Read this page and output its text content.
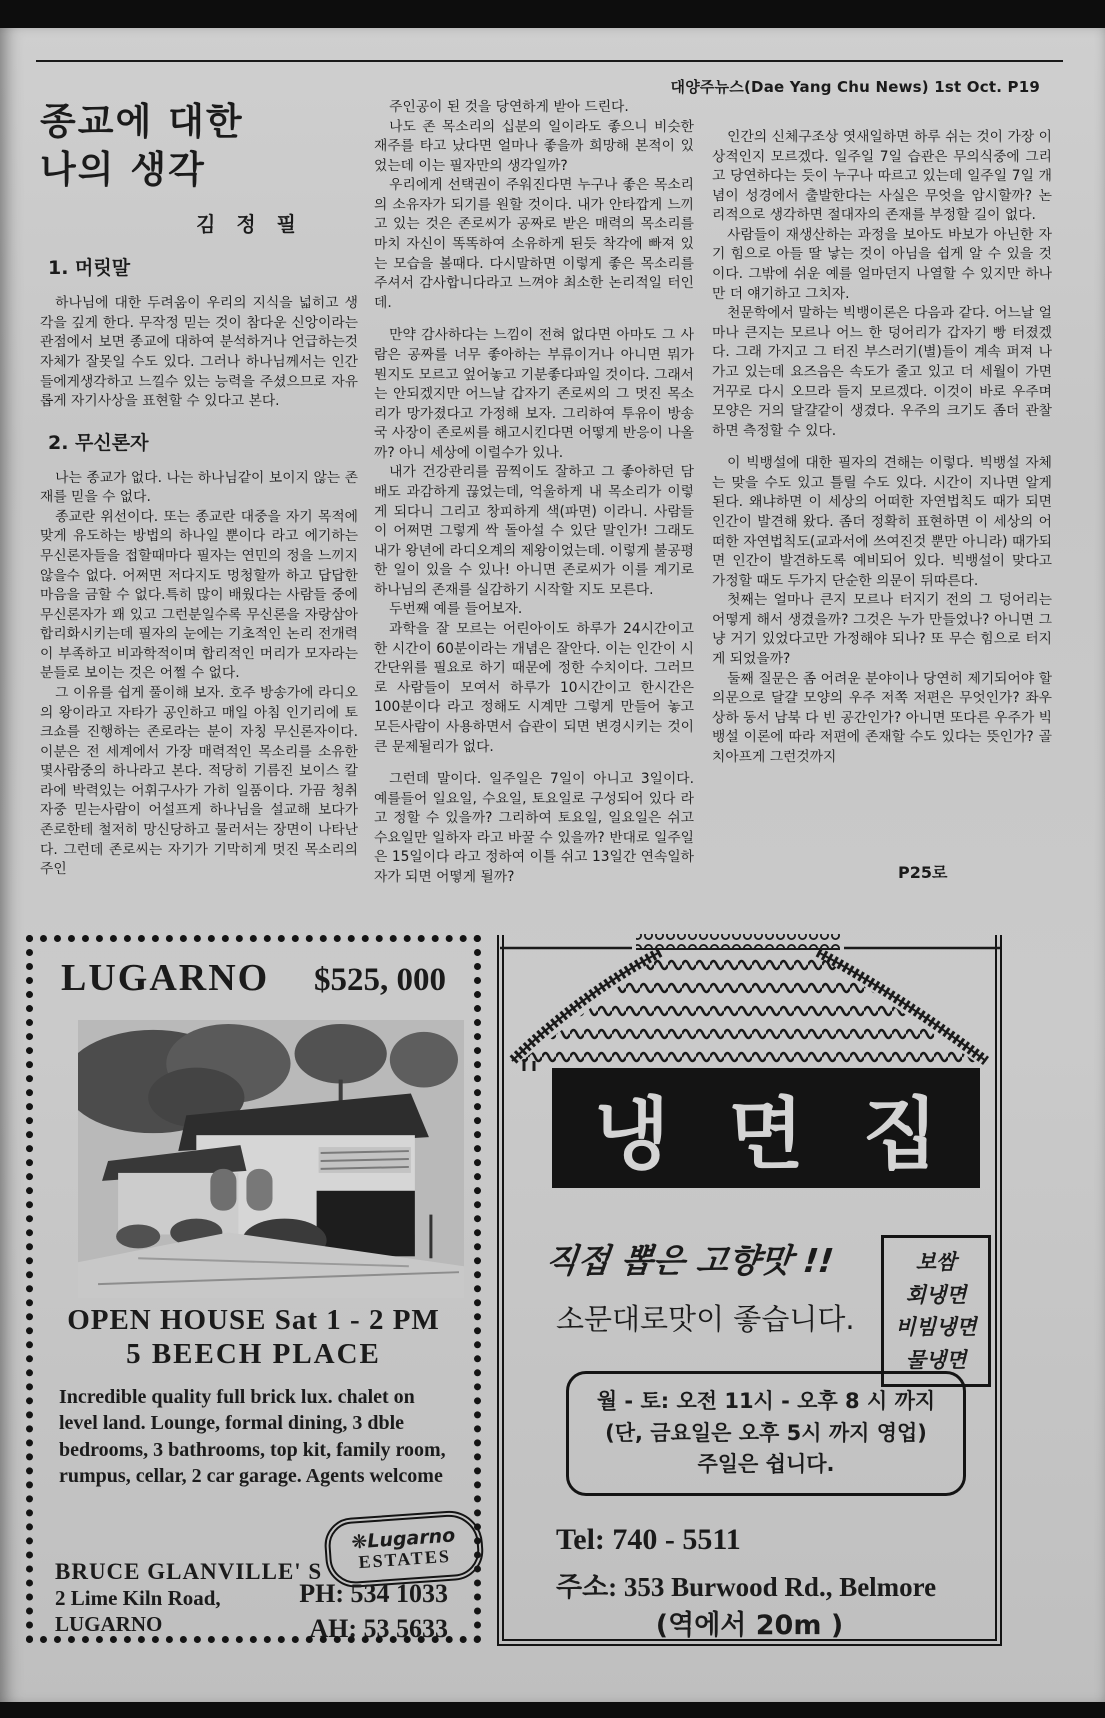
대양주뉴스(Dae Yang Chu News) 1st Oct. P19
종교에 대한
나의 생각
김 정 필
1. 머릿말

하나님에 대한 두려움이 우리의 지식을 넓히고 생각을 깊게 한다. 무작정 믿는 것이 참다운 신앙이라는 관점에서 보면 종교에 대하여 분석하거나 언급하는것 자체가 잘못일 수도 있다. 그러나 하나님께서는 인간들에게생각하고 느낄수 있는 능력을 주셨으므로 자유롭게 자기사상을 표현할 수 있다고 본다.

2. 무신론자

나는 종교가 없다. 나는 하나님같이 보이지 않는 존재를 믿을 수 없다.

종교란 위선이다. 또는 종교란 대중을 자기 목적에 맞게 유도하는 방법의 하나일 뿐이다 라고 에기하는 무신론자들을 접할때마다 필자는 연민의 정을 느끼지 않을수 없다. 어쩌면 저다지도 멍청할까 하고 답답한 마음을 금할 수 없다.특히 많이 배웠다는 사람들 중에 무신론자가 꽤 있고 그런분일수록 무신론을 자랑삼아 합리화시키는데 필자의 눈에는 기초적인 논리 전개력이 부족하고 비과학적이며 합리적인 머리가 모자라는 분들로 보이는 것은 어쩔 수 없다.

그 이유를 쉽게 풀이해 보자. 호주 방송가에 라디오의 왕이라고 자타가 공인하고 매일 아침 인기리에 토크쇼를 진행하는 존로라는 분이 자칭 무신론자이다. 이분은 전 세계에서 가장 매력적인 목소리를 소유한 몇사람중의 하나라고 본다. 적당히 기름진 보이스 칼라에 박력있는 어휘구사가 가히 일품이다. 가끔 청취자중 믿는사람이 어설프게 하나님을 설교해 보다가 존로한테 철저히 망신당하고 물러서는 장면이 나타난다. 그런데 존로씨는 자기가 기막히게 멋진 목소리의 주인

주인공이 된 것을 당연하게 받아 드린다.

나도 존 목소리의 십분의 일이라도 좋으니 비슷한 재주를 타고 났다면 얼마나 좋을까 희망해 본적이 있었는데 이는 필자만의 생각일까?

우리에게 선택권이 주워진다면 누구나 좋은 목소리의 소유자가 되기를 원할 것이다. 내가 안타깝게 느끼고 있는 것은 존로씨가 공짜로 받은 매력의 목소리를 마치 자신이 똑똑하여 소유하게 된듯 착각에 빠져 있는 모습을 볼때다. 다시말하면 이렇게 좋은 목소리를 주셔서 감사합니다라고 느껴야 최소한 논리적일 터인데.

만약 감사하다는 느낌이 전혀 없다면 아마도 그 사람은 공짜를 너무 좋아하는 부류이거나 아니면 뭐가 뭔지도 모르고 엎어놓고 기분좋다파일 것이다. 그래서는 안되겠지만 어느날 갑자기 존로씨의 그 멋진 목소리가 망가졌다고 가정해 보자. 그리하여 투유이 방송국 사장이 존로씨를 해고시킨다면 어떻게 반응이 나올까? 아니 세상에 이럴수가 있나.

내가 건강관리를 끔찍이도 잘하고 그 좋아하던 담배도 과감하게 끊었는데, 억울하게 내 목소리가 이렇게 되다니 그리고 창피하게 색(파면) 이라니. 사람들이 어쩌면 그렇게 싹 돌아설 수 있단 말인가! 그래도 내가 왕년에 라디오계의 제왕이었는데. 이렇게 불공평한 일이 있을 수 있나! 아니면 존로씨가 이를 계기로 하나님의 존재를 실감하기 시작할 지도 모른다.

두번째 예를 들어보자.

과학을 잘 모르는 어린아이도 하루가 24시간이고 한 시간이 60분이라는 개념은 잘안다. 이는 인간이 시간단위를 필요로 하기 때문에 정한 수치이다. 그러므로 사람들이 모여서 하루가 10시간이고 한시간은 100분이다 라고 정해도 시계만 그렇게 만들어 놓고 모든사람이 사용하면서 습관이 되면 변경시키는 것이 큰 문제될리가 없다.

그런데 말이다. 일주일은 7일이 아니고 3일이다. 예를들어 일요일, 수요일, 토요일로 구성되어 있다 라고 정할 수 있을까? 그리하여 토요일, 일요일은 쉬고 수요일만 일하자 라고 바꿀 수 있을까? 반대로 일주일은 15일이다 라고 정하여 이틀 쉬고 13일간 연속일하자가 되면 어떻게 될까?

인간의 신체구조상 엿새일하면 하루 쉬는 것이 가장 이상적인지 모르겠다. 일주일 7일 습관은 무의식중에 그리고 당연하다는 듯이 누구나 따르고 있는데 일주일 7일 개념이 성경에서 출발한다는 사실은 무엇을 암시할까? 논리적으로 생각하면 절대자의 존재를 부정할 길이 없다.

사람들이 재생산하는 과정을 보아도 바보가 아닌한 자기 힘으로 아들 딸 낳는 것이 아님을 쉽게 알 수 있을 것이다. 그밖에 쉬운 예를 얼마던지 나열할 수 있지만 하나만 더 얘기하고 그치자.

천문학에서 말하는 빅뱅이론은 다음과 같다. 어느날 얼마나 큰지는 모르나 어느 한 덩어리가 갑자기 빵 터졌겠다. 그래 가지고 그 터진 부스러기(별)들이 계속 퍼져 나가고 있는데 요즈음은 속도가 줄고 있고 더 세월이 가면 거꾸로 다시 오므라 들지 모르겠다. 이것이 바로 우주며 모양은 거의 달걀같이 생겼다. 우주의 크기도 좀더 관찰하면 측정할 수 있다.

이 빅뱅설에 대한 필자의 견해는 이렇다. 빅뱅설 자체는 맞을 수도 있고 틀릴 수도 있다. 시간이 지나면 알게 된다. 왜냐하면 이 세상의 어떠한 자연법칙도 때가 되면 인간이 발견해 왔다. 좀더 정확히 표현하면 이 세상의 어떠한 자연법칙도(교과서에 쓰여진것 뿐만 아니라) 때가되면 인간이 발견하도록 예비되어 있다. 빅뱅설이 맞다고 가정할 때도 두가지 단순한 의문이 뒤따른다.

첫째는 얼마나 큰지 모르나 터지기 전의 그 덩어리는 어떻게 해서 생겼을까? 그것은 누가 만들었나? 아니면 그냥 거기 있었다고만 가정해야 되나? 또 무슨 힘으로 터지게 되었을까?

둘째 질문은 좀 어려운 분야이나 당연히 제기되어야 할 의문으로 달걀 모양의 우주 저쪽 저편은 무엇인가? 좌우 상하 동서 남북 다 빈 공간인가? 아니면 또다른 우주가 빅뱅설 이론에 따라 저편에 존재할 수도 있다는 뜻인가? 골치아프게 그런것까지

P25로
LUGARNO $525, 000
OPEN HOUSE Sat 1 - 2 PM
5 BEECH PLACE
Incredible quality full brick lux. chalet on level land. Lounge, formal dining, 3 dble bedrooms, 3 bathrooms, top kit, family room, rumpus, cellar, 2 car garage. Agents welcome
❋Lugarno
ESTATES
BRUCE GLANVILLE' S
2 Lime Kiln Road,
LUGARNO
PH: 534 1033
AH: 53 5633
냉 면 집
직접 뽑은 고향맛 !!
소문대로맛이 좋습니다.
보쌈
회냉면
비빔냉면
물냉면
월 - 토: 오전 11시 - 오후 8 시 까지
(단, 금요일은 오후 5시 까지 영업)
주일은 쉽니다.
Tel: 740 - 5511
주소: 353 Burwood Rd., Belmore
(역에서 20m )
